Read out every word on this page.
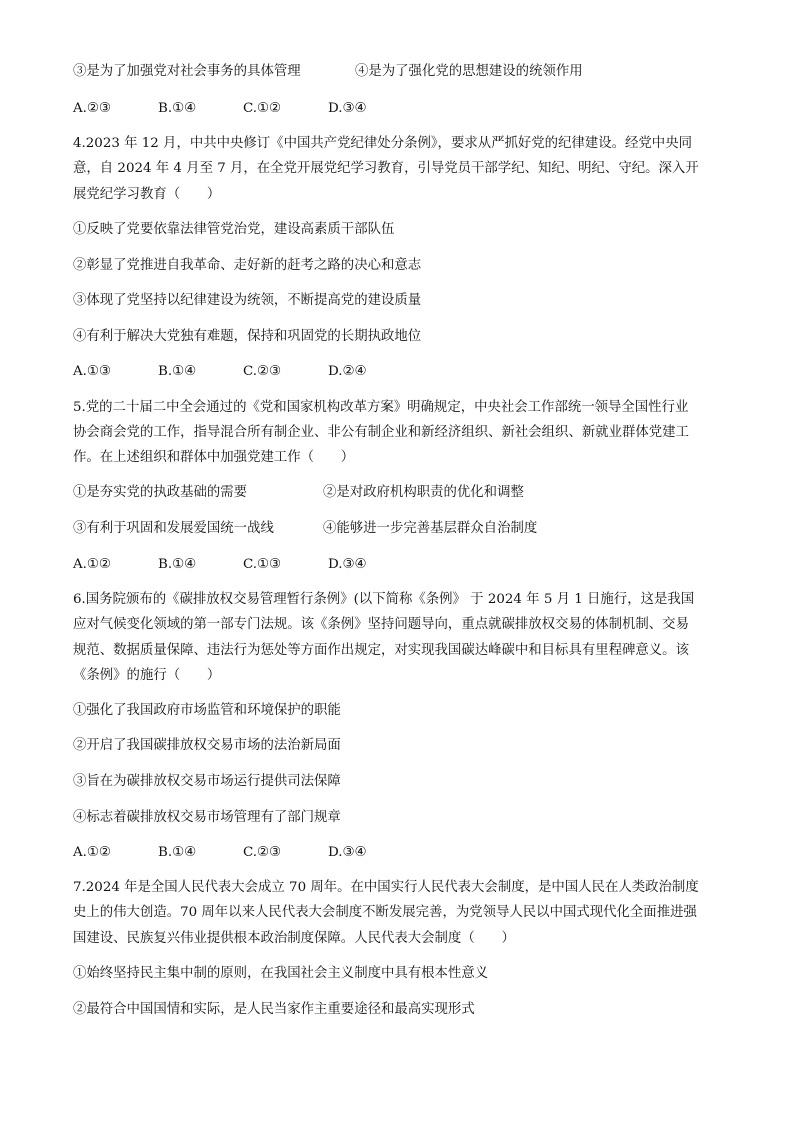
③是为了加强党对社会事务的具体管理	④是为了强化党的思想建设的统领作用
A.②③	B.①④	C.①②	D.③④
4.2023 年 12 月，中共中央修订《中国共产党纪律处分条例》，要求从严抓好党的纪律建设。经党中央同
意，自 2024 年 4 月至 7 月，在全党开展党纪学习教育，引导党员干部学纪、知纪、明纪、守纪。深入开
展党纪学习教育（　　）
①反映了党要依靠法律管党治党，建设高素质干部队伍
②彰显了党推进自我革命、走好新的赶考之路的决心和意志
③体现了党坚持以纪律建设为统领，不断提高党的建设质量
④有利于解决大党独有难题，保持和巩固党的长期执政地位
A.①③	B.①④	C.②③	D.②④
5.党的二十届二中全会通过的《党和国家机构改革方案》明确规定，中央社会工作部统一领导全国性行业
协会商会党的工作，指导混合所有制企业、非公有制企业和新经济组织、新社会组织、新就业群体党建工
作。在上述组织和群体中加强党建工作（　　）
①是夯实党的执政基础的需要	②是对政府机构职责的优化和调整
③有利于巩固和发展爱国统一战线	④能够进一步完善基层群众自治制度
A.①②	B.①④	C.①③	D.③④
6.国务院颁布的《碳排放权交易管理暂行条例》(以下简称《条例》 于 2024 年 5 月 1 日施行，这是我国
应对气候变化领域的第一部专门法规。该《条例》坚持问题导向，重点就碳排放权交易的体制机制、交易
规范、数据质量保障、违法行为惩处等方面作出规定，对实现我国碳达峰碳中和目标具有里程碑意义。该
《条例》的施行（　　）
①强化了我国政府市场监管和环境保护的职能
②开启了我国碳排放权交易市场的法治新局面
③旨在为碳排放权交易市场运行提供司法保障
④标志着碳排放权交易市场管理有了部门规章
A.①②	B.①④	C.②③	D.③④
7.2024 年是全国人民代表大会成立 70 周年。在中国实行人民代表大会制度，是中国人民在人类政治制度
史上的伟大创造。70 周年以来人民代表大会制度不断发展完善，为党领导人民以中国式现代化全面推进强
国建设、民族复兴伟业提供根本政治制度保障。人民代表大会制度（　　）
①始终坚持民主集中制的原则，在我国社会主义制度中具有根本性意义
②最符合中国国情和实际，是人民当家作主重要途径和最高实现形式
